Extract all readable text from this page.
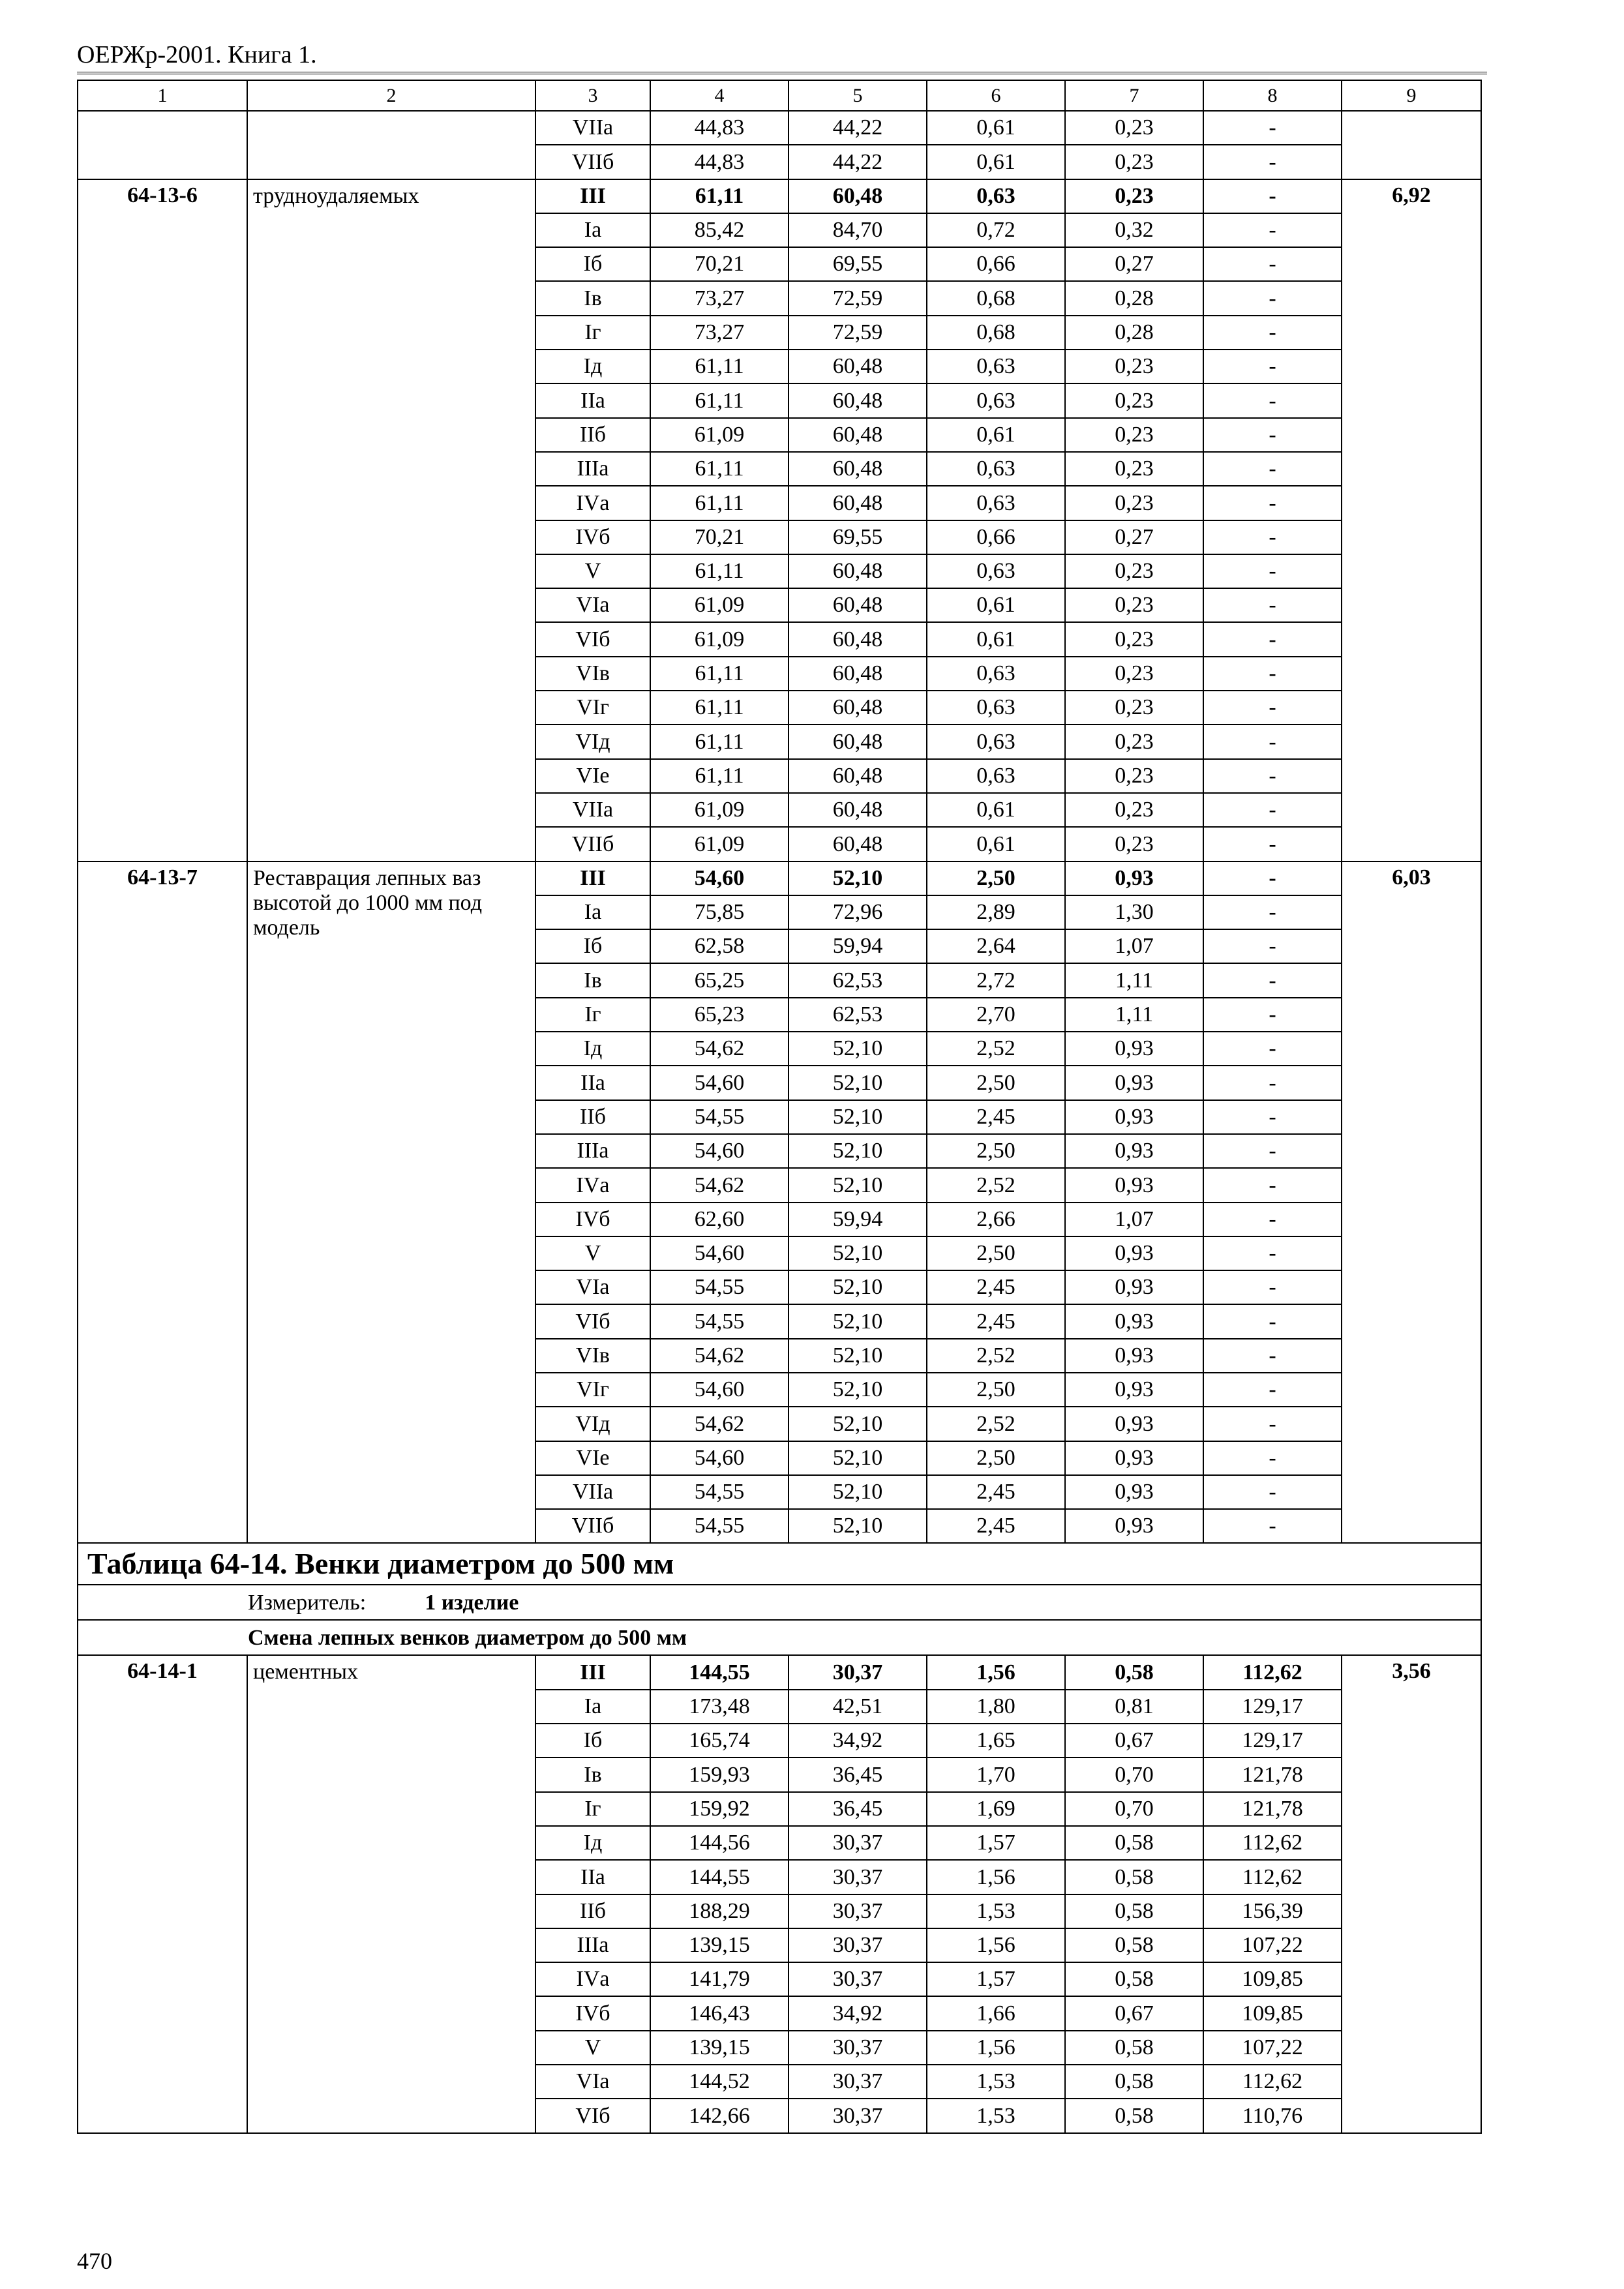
ОЕРЖр-2001. Книга 1.
1	2	3	4	5	6	7	8	9
		VIIа	44,83	44,22	0,61	0,23	-	
		VIIб	44,83	44,22	0,61	0,23	-	
64-13-6	трудноудаляемых	III	61,11	60,48	0,63	0,23	-	6,92
		Iа	85,42	84,70	0,72	0,32	-	
		Iб	70,21	69,55	0,66	0,27	-	
		Iв	73,27	72,59	0,68	0,28	-	
		Iг	73,27	72,59	0,68	0,28	-	
		Iд	61,11	60,48	0,63	0,23	-	
		IIа	61,11	60,48	0,63	0,23	-	
		IIб	61,09	60,48	0,61	0,23	-	
		IIIа	61,11	60,48	0,63	0,23	-	
		IVа	61,11	60,48	0,63	0,23	-	
		IVб	70,21	69,55	0,66	0,27	-	
		V	61,11	60,48	0,63	0,23	-	
		VIа	61,09	60,48	0,61	0,23	-	
		VIб	61,09	60,48	0,61	0,23	-	
		VIв	61,11	60,48	0,63	0,23	-	
		VIг	61,11	60,48	0,63	0,23	-	
		VIд	61,11	60,48	0,63	0,23	-	
		VIе	61,11	60,48	0,63	0,23	-	
		VIIа	61,09	60,48	0,61	0,23	-	
		VIIб	61,09	60,48	0,61	0,23	-	
64-13-7	Реставрация лепных ваз высотой до 1000 мм под модель	III	54,60	52,10	2,50	0,93	-	6,03
		Iа	75,85	72,96	2,89	1,30	-	
		Iб	62,58	59,94	2,64	1,07	-	
		Iв	65,25	62,53	2,72	1,11	-	
		Iг	65,23	62,53	2,70	1,11	-	
		Iд	54,62	52,10	2,52	0,93	-	
		IIа	54,60	52,10	2,50	0,93	-	
		IIб	54,55	52,10	2,45	0,93	-	
		IIIа	54,60	52,10	2,50	0,93	-	
		IVа	54,62	52,10	2,52	0,93	-	
		IVб	62,60	59,94	2,66	1,07	-	
		V	54,60	52,10	2,50	0,93	-	
		VIа	54,55	52,10	2,45	0,93	-	
		VIб	54,55	52,10	2,45	0,93	-	
		VIв	54,62	52,10	2,52	0,93	-	
		VIг	54,60	52,10	2,50	0,93	-	
		VIд	54,62	52,10	2,52	0,93	-	
		VIе	54,60	52,10	2,50	0,93	-	
		VIIа	54,55	52,10	2,45	0,93	-	
		VIIб	54,55	52,10	2,45	0,93	-	
Таблица 64-14. Венки диаметром до 500 мм								
Измеритель: 1 изделие								
Смена лепных венков диаметром до 500 мм								
64-14-1	цементных	III	144,55	30,37	1,56	0,58	112,62	3,56
		Iа	173,48	42,51	1,80	0,81	129,17	
		Iб	165,74	34,92	1,65	0,67	129,17	
		Iв	159,93	36,45	1,70	0,70	121,78	
		Iг	159,92	36,45	1,69	0,70	121,78	
		Iд	144,56	30,37	1,57	0,58	112,62	
		IIа	144,55	30,37	1,56	0,58	112,62	
		IIб	188,29	30,37	1,53	0,58	156,39	
		IIIа	139,15	30,37	1,56	0,58	107,22	
		IVа	141,79	30,37	1,57	0,58	109,85	
		IVб	146,43	34,92	1,66	0,67	109,85	
		V	139,15	30,37	1,56	0,58	107,22	
		VIа	144,52	30,37	1,53	0,58	112,62	
		VIб	142,66	30,37	1,53	0,58	110,76	
470
